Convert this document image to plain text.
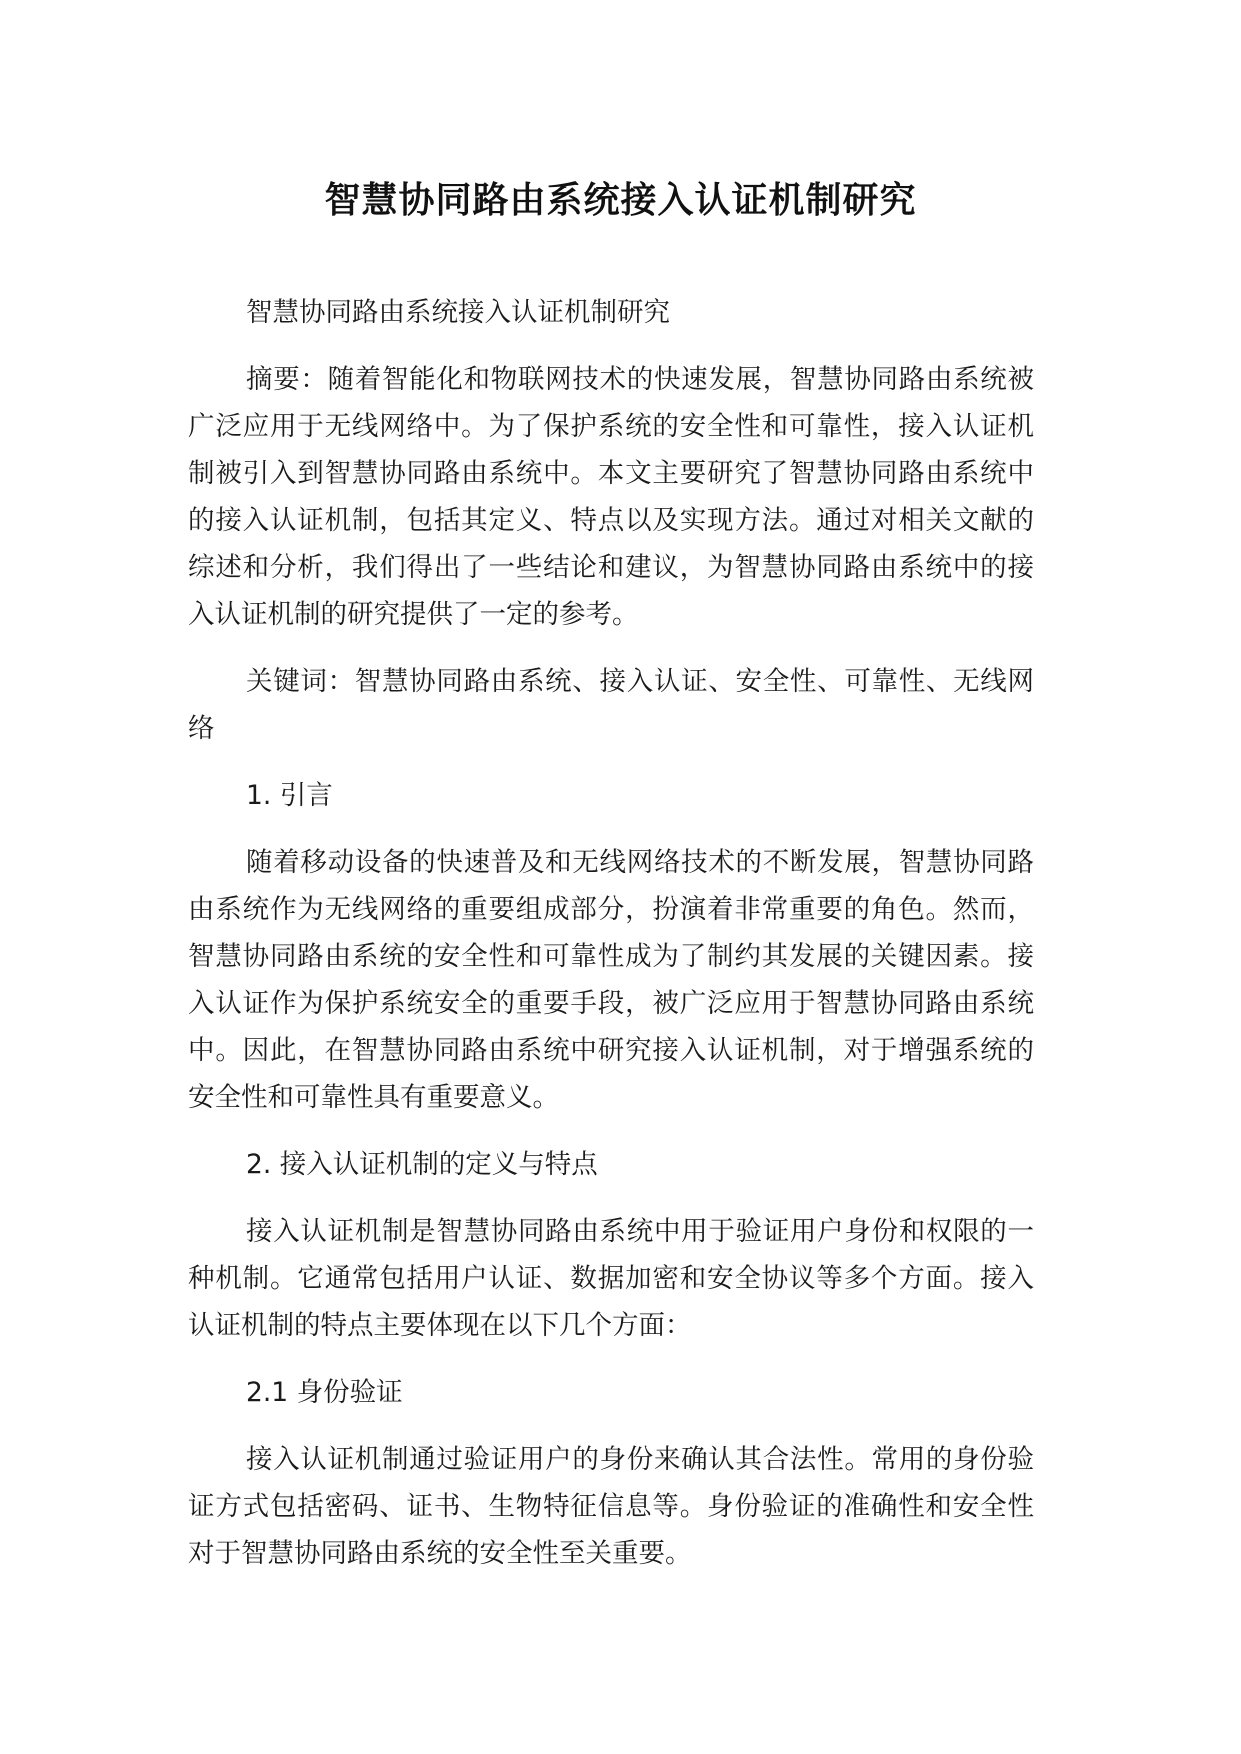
智慧协同路由系统接入认证机制研究

智慧协同路由系统接入认证机制研究

摘要：随着智能化和物联网技术的快速发展，智慧协同路由系统被广泛应用于无线网络中。为了保护系统的安全性和可靠性，接入认证机制被引入到智慧协同路由系统中。本文主要研究了智慧协同路由系统中的接入认证机制，包括其定义、特点以及实现方法。通过对相关文献的综述和分析，我们得出了一些结论和建议，为智慧协同路由系统中的接入认证机制的研究提供了一定的参考。

关键词：智慧协同路由系统、接入认证、安全性、可靠性、无线网络

1. 引言

随着移动设备的快速普及和无线网络技术的不断发展，智慧协同路由系统作为无线网络的重要组成部分，扮演着非常重要的角色。然而，智慧协同路由系统的安全性和可靠性成为了制约其发展的关键因素。接入认证作为保护系统安全的重要手段，被广泛应用于智慧协同路由系统中。因此，在智慧协同路由系统中研究接入认证机制，对于增强系统的安全性和可靠性具有重要意义。

2. 接入认证机制的定义与特点

接入认证机制是智慧协同路由系统中用于验证用户身份和权限的一种机制。它通常包括用户认证、数据加密和安全协议等多个方面。接入认证机制的特点主要体现在以下几个方面：

2.1 身份验证

接入认证机制通过验证用户的身份来确认其合法性。常用的身份验证方式包括密码、证书、生物特征信息等。身份验证的准确性和安全性对于智慧协同路由系统的安全性至关重要。
